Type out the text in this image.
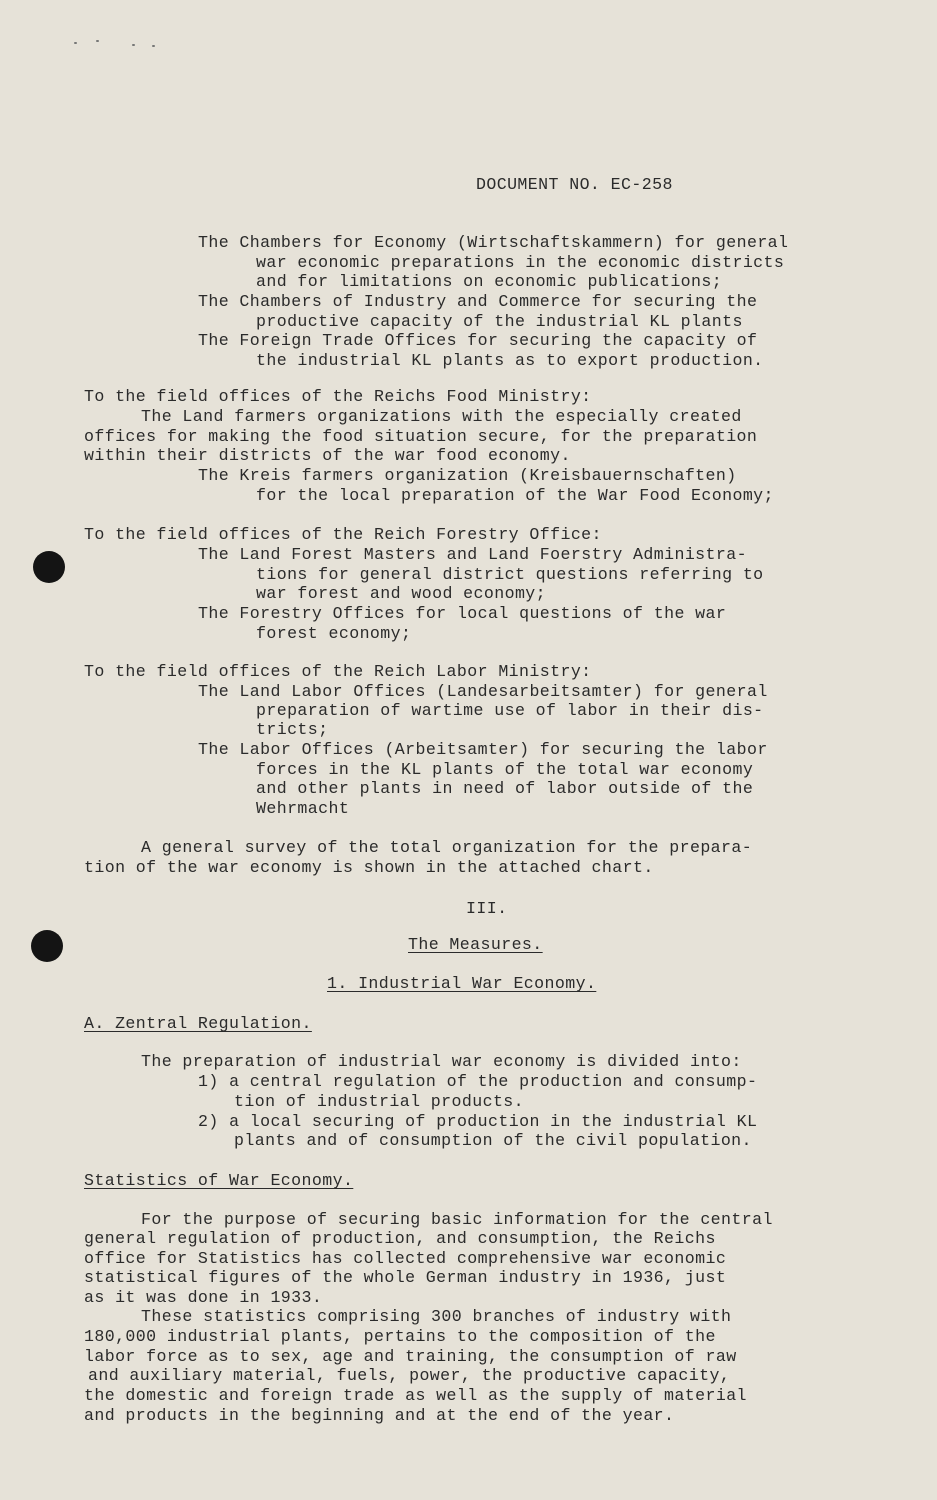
DOCUMENT NO. EC-258
The Chambers for Economy (Wirtschaftskammern) for general
war economic preparations in the economic districts
and for limitations on economic publications;
The Chambers of Industry and Commerce for securing the
productive capacity of the industrial KL plants
The Foreign Trade Offices for securing the capacity of
the industrial KL plants as to export production.
To the field offices of the Reichs Food Ministry:
The Land farmers organizations with the especially created
offices for making the food situation secure, for the preparation
within their districts of the war food economy.
The Kreis farmers organization (Kreisbauernschaften)
for the local preparation of the War Food Economy;
To the field offices of the Reich Forestry Office:
The Land Forest Masters and Land Foerstry Administra-
tions for general district questions referring to
war forest and wood economy;
The Forestry Offices for local questions of the war
forest economy;
To the field offices of the Reich Labor Ministry:
The Land Labor Offices (Landesarbeitsamter) for general
preparation of wartime use of labor in their dis-
tricts;
The Labor Offices (Arbeitsamter) for securing the labor
forces in the KL plants of the total war economy
and other plants in need of labor outside of the
Wehrmacht
A general survey of the total organization for the prepara-
tion of the war economy is shown in the attached chart.
III.
The Measures.
1. Industrial War Economy.
A. Zentral Regulation.
The preparation of industrial war economy is divided into:
1) a central regulation of the production and consump-
tion of industrial products.
2) a local securing of production in the industrial KL
plants and of consumption of the civil population.
Statistics of War Economy.
For the purpose of securing basic information for the central
general regulation of production, and consumption, the Reichs
office for Statistics has collected comprehensive war economic
statistical figures of the whole German industry in 1936, just
as it was done in 1933.
These statistics comprising 300 branches of industry with
180,000 industrial plants, pertains to the composition of the
labor force as to sex, age and training, the consumption of raw
and auxiliary material, fuels, power, the productive capacity,
the domestic and foreign trade as well as the supply of material
and products in the beginning and at the end of the year.
